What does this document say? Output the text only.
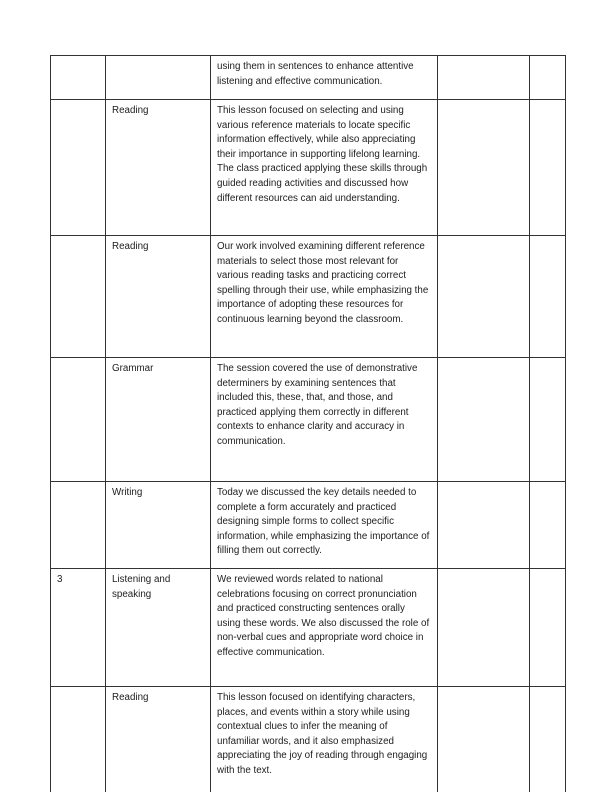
		using them in sentences to enhance attentive listening and effective communication.		
	Reading	This lesson focused on selecting and using various reference materials to locate specific information effectively, while also appreciating their importance in supporting lifelong learning. The class practiced applying these skills through guided reading activities and discussed how different resources can aid understanding.		
	Reading	Our work involved examining different reference materials to select those most relevant for various reading tasks and practicing correct spelling through their use, while emphasizing the importance of adopting these resources for continuous learning beyond the classroom.		
	Grammar	The session covered the use of demonstrative determiners by examining sentences that included this, these, that, and those, and practiced applying them correctly in different contexts to enhance clarity and accuracy in communication.		
	Writing	Today we discussed the key details needed to complete a form accurately and practiced designing simple forms to collect specific information, while emphasizing the importance of filling them out correctly.		
3	Listening and speaking	We reviewed words related to national celebrations focusing on correct pronunciation and practiced constructing sentences orally using these words. We also discussed the role of non-verbal cues and appropriate word choice in effective communication.		
	Reading	This lesson focused on identifying characters, places, and events within a story while using contextual clues to infer the meaning of unfamiliar words, and it also emphasized appreciating the joy of reading through engaging with the text.		
